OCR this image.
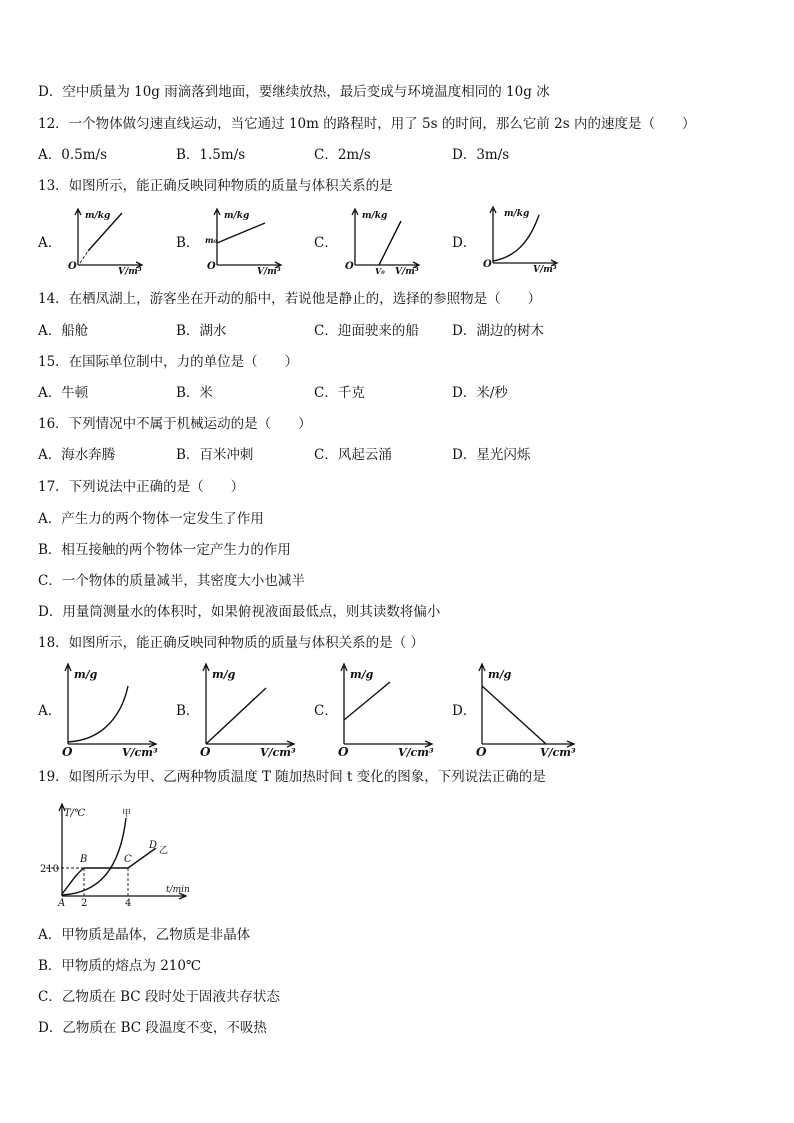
D．空中质量为 10g 雨滴落到地面，要继续放热，最后变成与环境温度相同的 10g 冰
12．一个物体做匀速直线运动，当它通过 10m 的路程时，用了 5s 的时间，那么它前 2s 内的速度是（　　）
A．0.5m/s	B．1.5m/s	C．2m/s	D．3m/s
13．如图所示，能正确反映同种物质的质量与体积关系的是
A．	B．	C．	D．
m/kg
V/m³
O
m/kg
m₀
V/m³
O
m/kg
V₀ V/m³
O
m/kg
V/m³
O
14．在栖凤湖上，游客坐在开动的船中，若说他是静止的，选择的参照物是（　　）
A．船舱	B．湖水	C．迎面驶来的船 D．湖边的树木
15．在国际单位制中，力的单位是（　　）
A．牛顿	B．米	C．千克	D．米/秒
16．下列情况中不属于机械运动的是（　　）
A．海水奔腾	B．百米冲刺	C．风起云涌	D．星光闪烁
17．下列说法中正确的是（　　）
A．产生力的两个物体一定发生了作用
B．相互接触的两个物体一定产生力的作用
C．一个物体的质量减半，其密度大小也减半
D．用量筒测量水的体积时，如果俯视液面最低点，则其读数将偏小
18．如图所示，能正确反映同种物质的质量与体积关系的是（ ）
A．	B．	C．	D．
m/g
V/cm³
O
m/g
V/cm³
O
m/g
V/cm³
O
m/g
V/cm³
O
19．如图所示为甲、乙两种物质温度 T 随加热时间 t 变化的图象，下列说法正确的是
T/℃
t/min
210
2	4
A
B	C
D
甲
乙
A．甲物质是晶体，乙物质是非晶体
B．甲物质的熔点为 210℃
C．乙物质在 BC 段时处于固液共存状态
D．乙物质在 BC 段温度不变，不吸热
